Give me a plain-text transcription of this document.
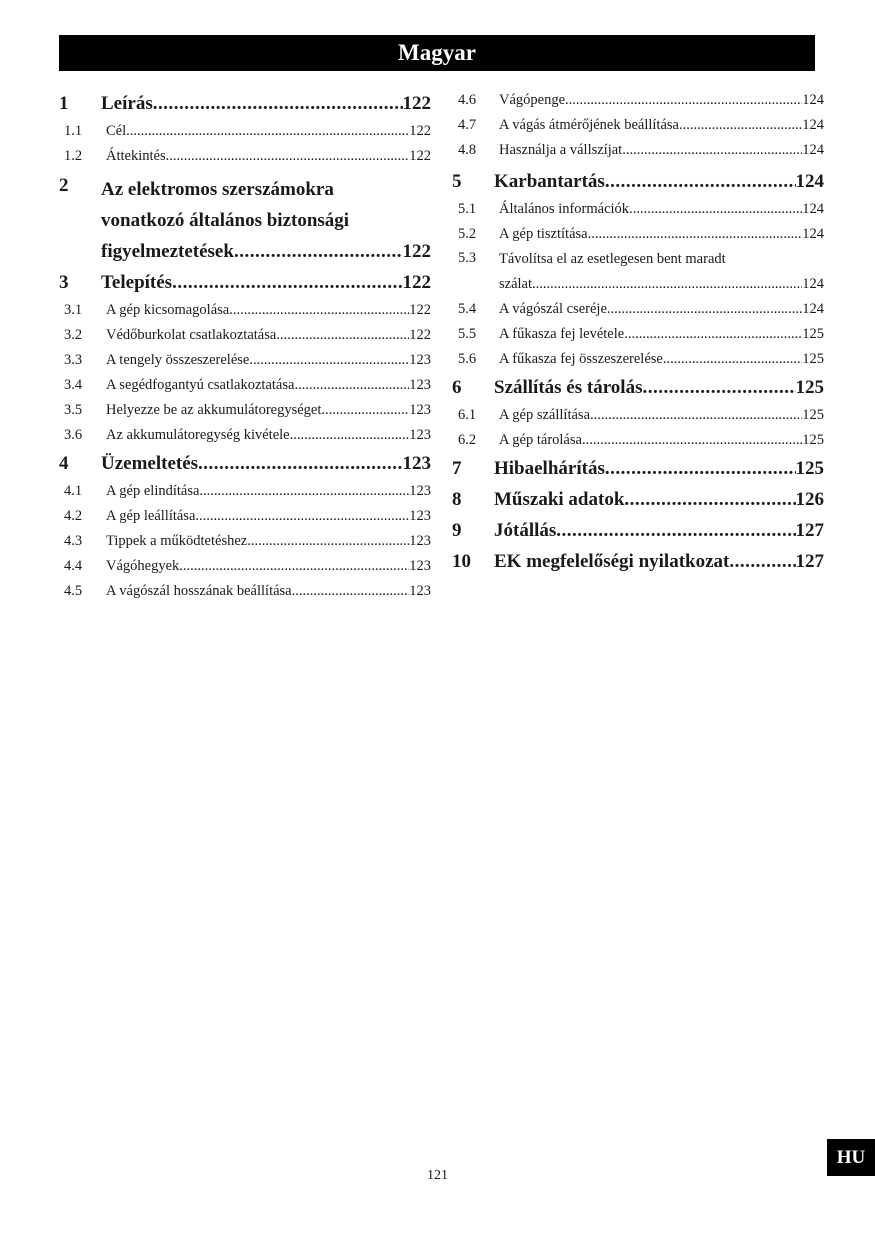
Magyar
1	Leírás .....	122
1.1	Cél .....	122
1.2	Áttekintés .....	122
2	Az elektromos szerszámokra
vonatkozó általános biztonsági
figyelmeztetések .....	122
3	Telepítés .....	122
3.1	A gép kicsomagolása .....	122
3.2	Védőburkolat csatlakoztatása .....	122
3.3	A tengely összeszerelése .....	123
3.4	A segédfogantyú csatlakoztatása .....	123
3.5	Helyezze be az akkumulátoregységet .....	123
3.6	Az akkumulátoregység kivétele .....	123
4	Üzemeltetés .....	123
4.1	A gép elindítása .....	123
4.2	A gép leállítása .....	123
4.3	Tippek a működtetéshez .....	123
4.4	Vágóhegyek .....	123
4.5	A vágószál hosszának beállítása .....	123
4.6	Vágópenge .....	124
4.7	A vágás átmérőjének beállítása .....	124
4.8	Használja a vállszíjat .....	124
5	Karbantartás .....	124
5.1	Általános információk .....	124
5.2	A gép tisztítása .....	124
5.3	Távolítsa el az esetlegesen bent maradt
szálat .....	124
5.4	A vágószál cseréje .....	124
5.5	A fűkasza fej levétele .....	125
5.6	A fűkasza fej összeszerelése .....	125
6	Szállítás és tárolás .....	125
6.1	A gép szállítása .....	125
6.2	A gép tárolása .....	125
7	Hibaelhárítás .....	125
8	Műszaki adatok .....	126
9	Jótállás .....	127
10	EK megfelelőségi nyilatkozat .....	127
121
HU
